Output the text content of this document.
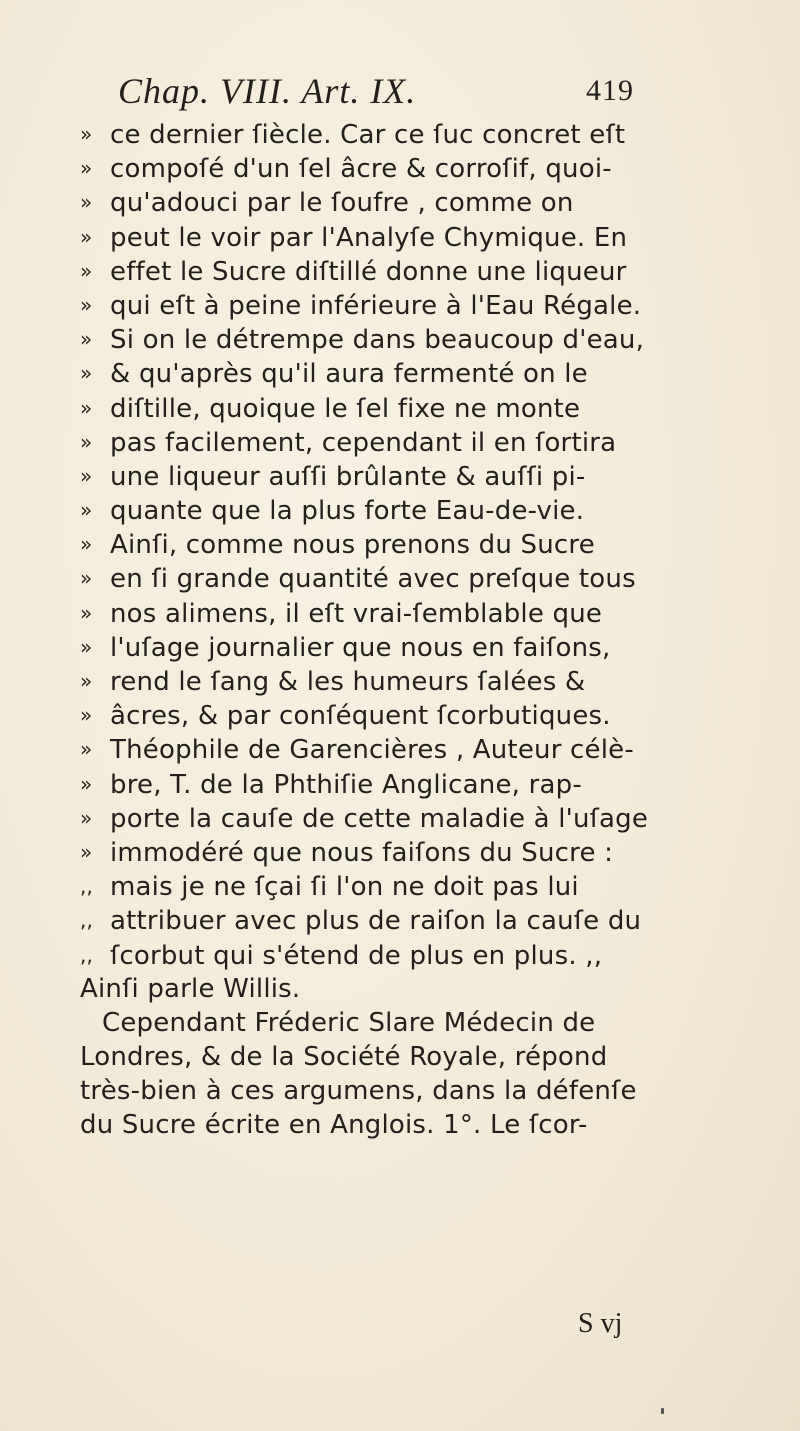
Chap. VIII. Art. IX.	419
» ce dernier ſiècle. Car ce ſuc concret eſt
» compoſé d'un ſel âcre & corroſif, quoi-
» qu'adouci par le ſoufre , comme on
» peut le voir par l'Analyſe Chymique. En
» effet le Sucre diſtillé donne une liqueur
» qui eſt à peine inférieure à l'Eau Régale.
» Si on le détrempe dans beaucoup d'eau,
» & qu'après qu'il aura fermenté on le
» diſtille, quoique le ſel fixe ne monte
» pas facilement, cependant il en ſortira
» une liqueur auſſi brûlante & auſſi pi-
» quante que la plus forte Eau-de-vie.
» Ainſi, comme nous prenons du Sucre
» en ſi grande quantité avec preſque tous
» nos alimens, il eſt vrai-ſemblable que
» l'uſage journalier que nous en faiſons,
» rend le ſang & les humeurs ſalées &
» âcres, & par conſéquent ſcorbutiques.
» Théophile de Garencières , Auteur célè-
» bre, T. de la Phthiſie Anglicane, rap-
» porte la cauſe de cette maladie à l'uſage
» immodéré que nous faiſons du Sucre :
,, mais je ne ſçai ſi l'on ne doit pas lui
,, attribuer avec plus de raiſon la cauſe du
,, ſcorbut qui s'étend de plus en plus. ,,
Ainſi parle Willis.
Cependant Fréderic Slare Médecin de
Londres, & de la Société Royale, répond
très-bien à ces argumens, dans la défenſe
du Sucre écrite en Anglois. 1°. Le ſcor-
S vj
